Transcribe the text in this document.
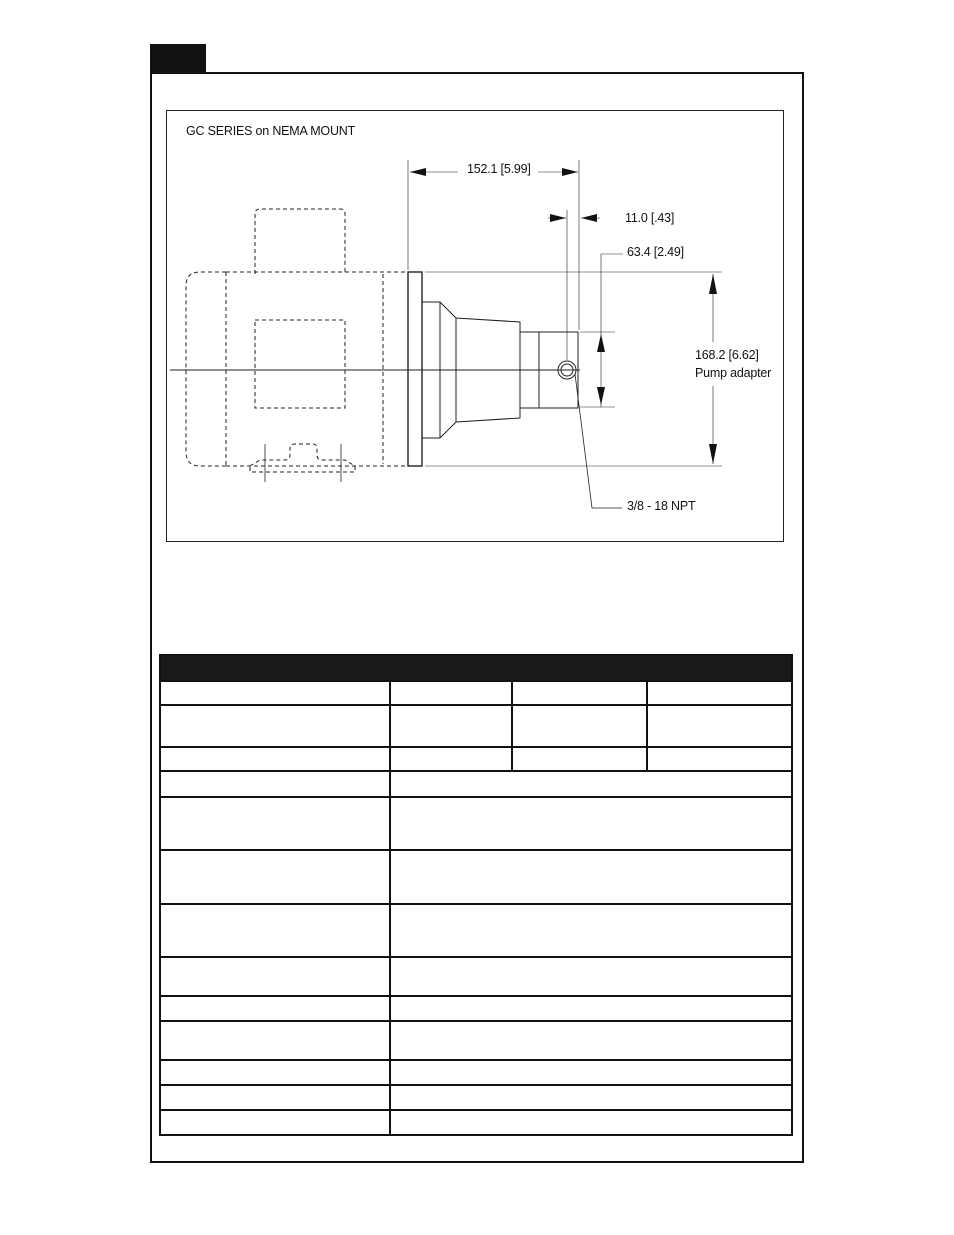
GC SERIES on NEMA MOUNT
152.1 [5.99]
11.0 [.43]
63.4 [2.49]
168.2 [6.62]
Pump adapter
3/8 - 18 NPT
